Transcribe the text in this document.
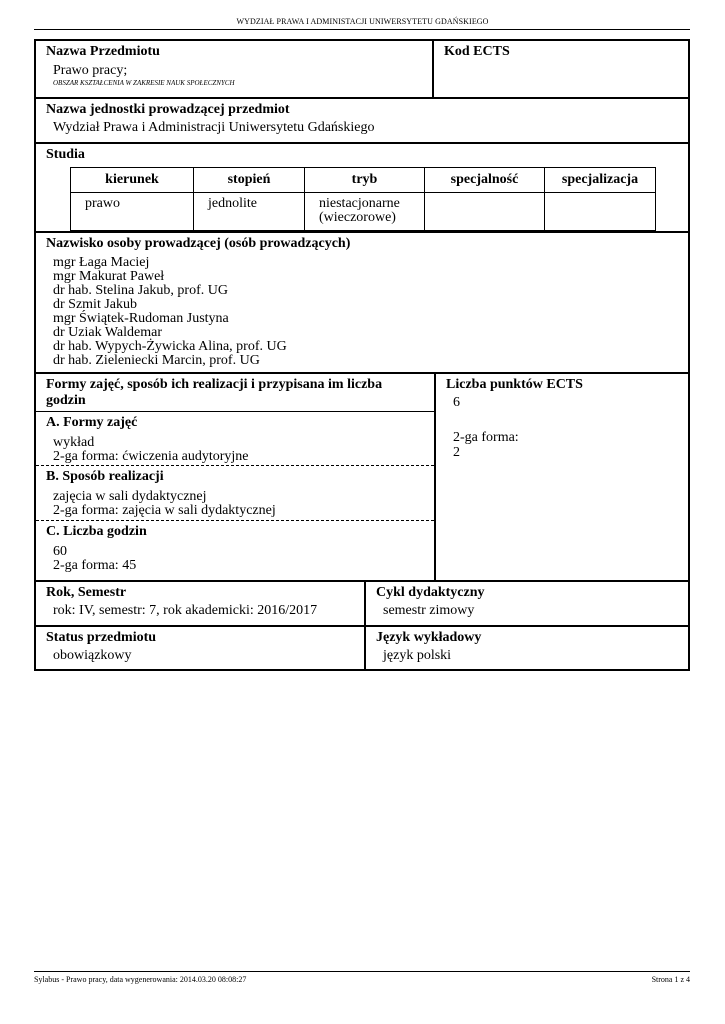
WYDZIAŁ PRAWA I ADMINISTACJI UNIWERSYTETU GDAŃSKIEGO
Nazwa Przedmiotu
Prawo pracy;
OBSZAR KSZTAŁCENIA W ZAKRESIE NAUK SPOŁECZNYCH
Kod ECTS
Nazwa jednostki prowadzącej przedmiot
Wydział Prawa i Administracji Uniwersytetu Gdańskiego
Studia
kierunek	stopień	tryb	specjalność	specjalizacja
prawo	jednolite	niestacjonarne
(wieczorowe)		
Nazwisko osoby prowadzącej (osób prowadzących)
mgr Łaga Maciej
mgr Makurat Paweł
dr hab. Stelina Jakub, prof. UG
dr Szmit Jakub
mgr Świątek-Rudoman Justyna
dr Uziak Waldemar
dr hab. Wypych-Żywicka Alina, prof. UG
dr hab. Zieleniecki Marcin, prof. UG
Formy zajęć, sposób ich realizacji i przypisana im liczba godzin
A. Formy zajęć
wykład
2-ga forma: ćwiczenia audytoryjne
B. Sposób realizacji
zajęcia w sali dydaktycznej
2-ga forma: zajęcia w sali dydaktycznej
C. Liczba godzin
60
2-ga forma: 45
Liczba punktów ECTS
6
2-ga forma:
2
Rok, Semestr
rok: IV, semestr: 7, rok akademicki: 2016/2017
Cykl dydaktyczny
semestr zimowy
Status przedmiotu
obowiązkowy
Język wykładowy
język polski
Sylabus - Prawo pracy, data wygenerowania: 2014.03.20 08:08:27	Strona 1 z 4
